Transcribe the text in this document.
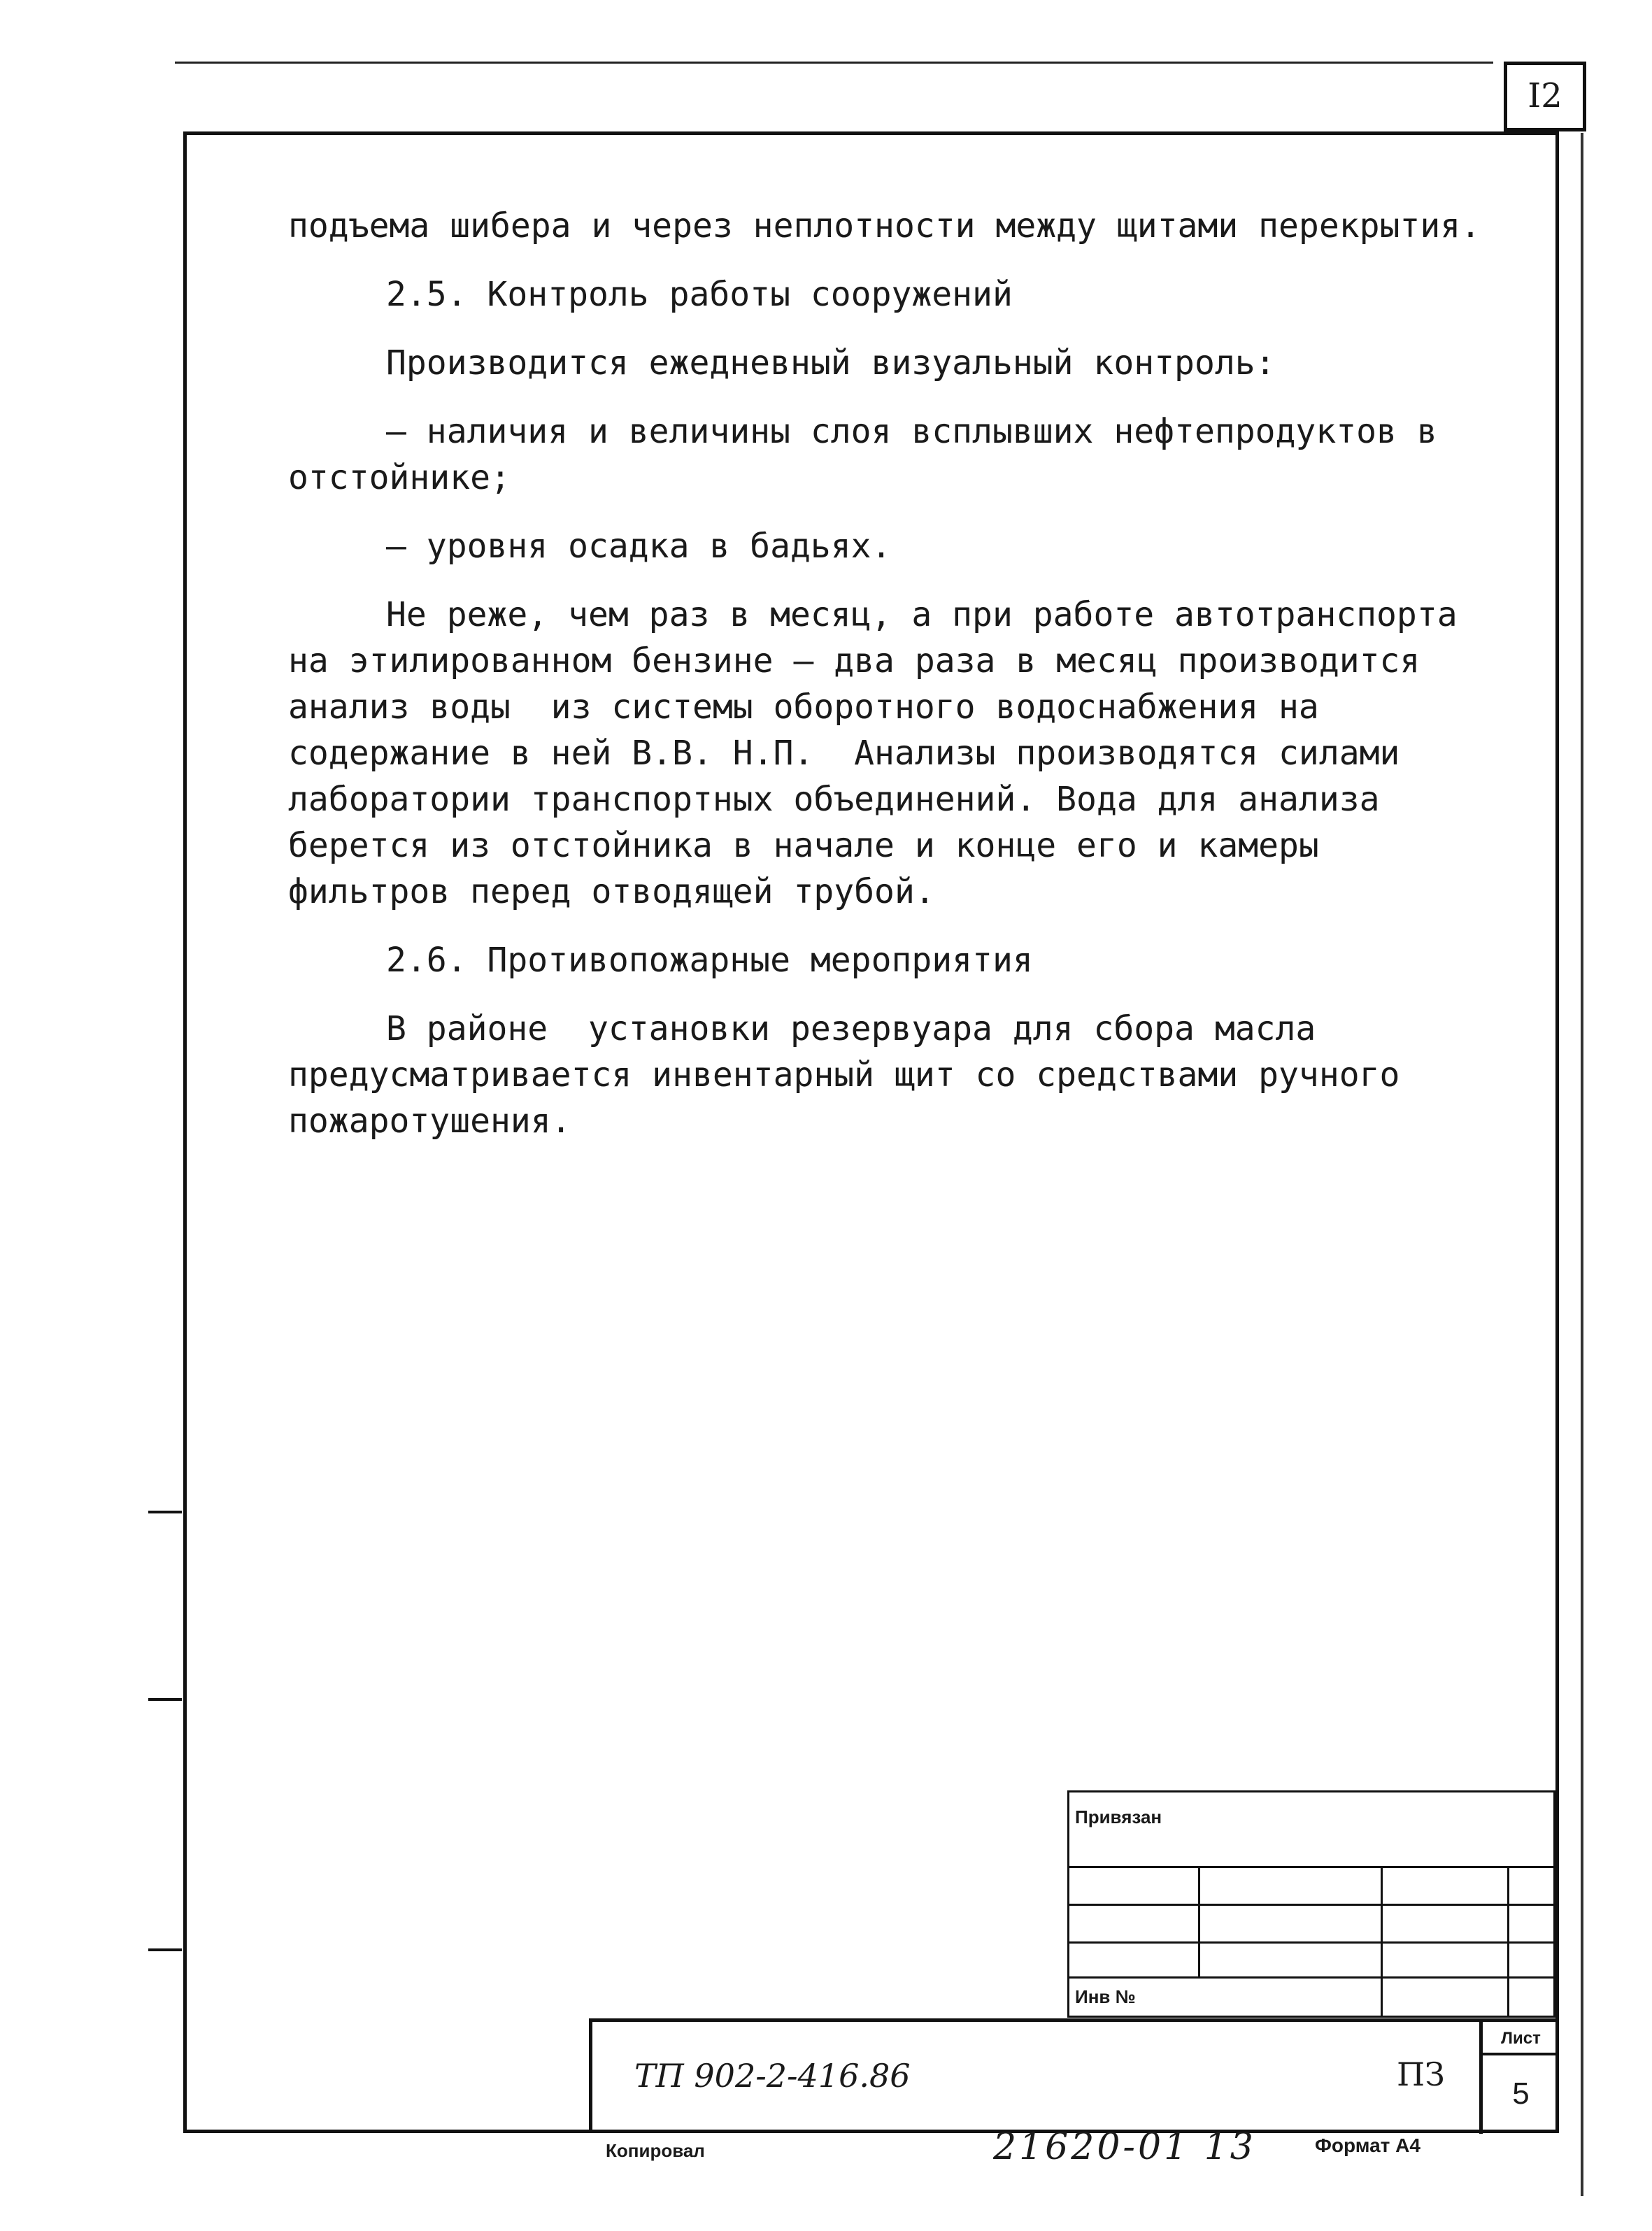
I2

подъема шибера и через неплотности между щитами перекрытия.

2.5. Контроль работы сооружений

Производится ежедневный визуальный контроль:

– наличия и величины слоя всплывших нефтепродуктов в отстойнике;

– уровня осадка в бадьях.

Не реже, чем раз в месяц, а при работе автотранспорта на этилированном бензине – два раза в месяц производится анализ воды  из системы оборотного водоснабжения на содержание в ней В.В. Н.П.  Анализы производятся силами лаборатории транспортных объединений. Вода для анализа берется из отстойника в начале и конце его и камеры фильтров перед отводящей трубой.

2.6. Противопожарные мероприятия

В районе  установки резервуара для сбора масла предусматривается инвентарный щит со средствами ручного пожаротушения.

Привязан			

Инв №			
ТП 902-2-416.86	ПЗ
Лист
5
Копировал	21620-01 13	Формат А4
